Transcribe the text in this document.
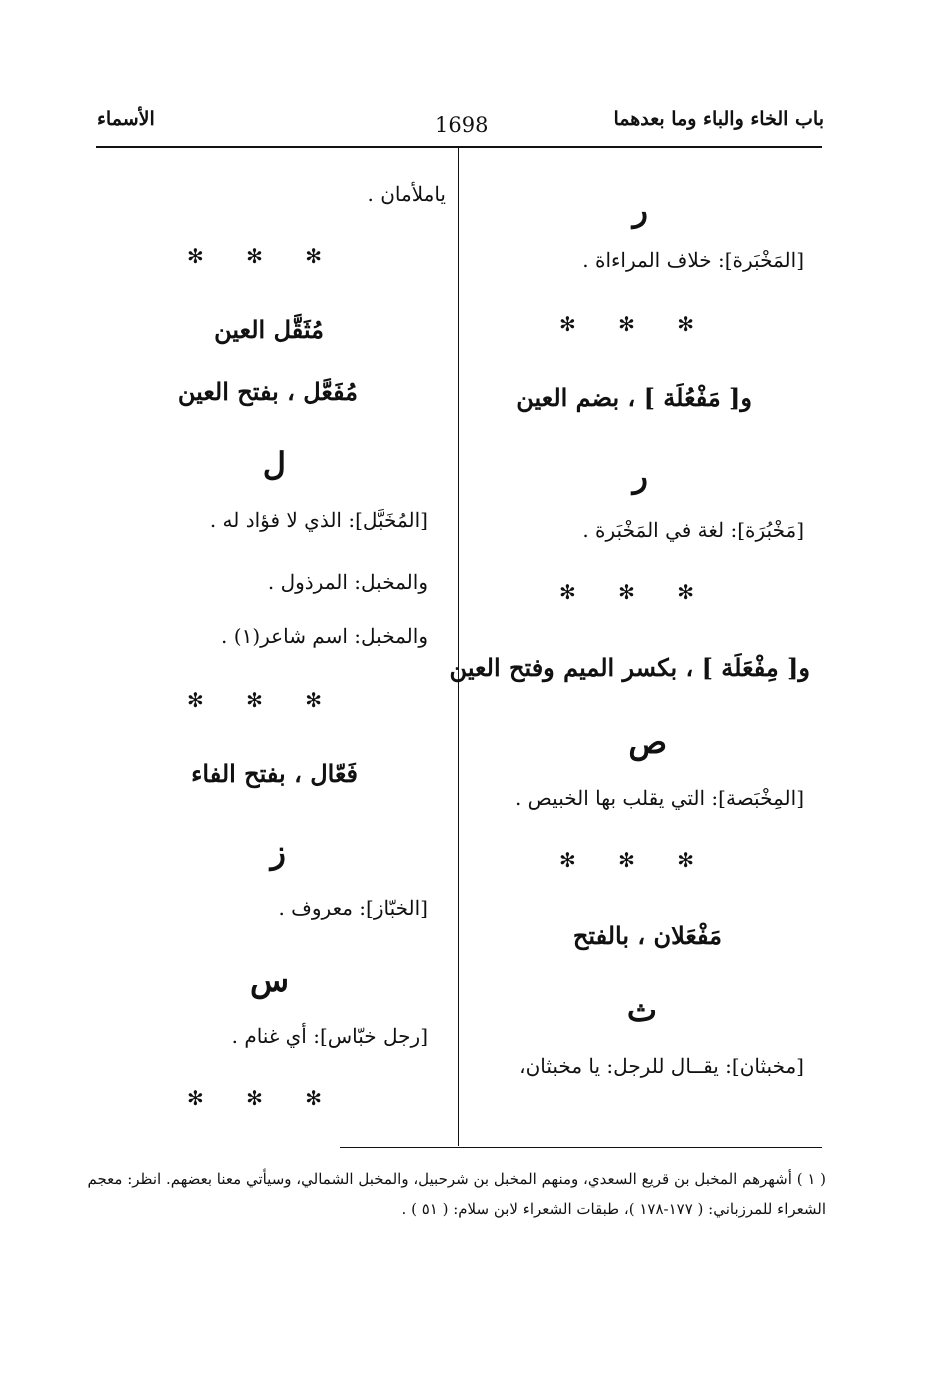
باب الخاء والباء وما بعدهما
1698
الأسماء
ر
[المَخْبَرة]: خلاف المراءاة .
✻ ✻ ✻
و[ مَفْعُلَة ] ، بضم العين
ر
[مَخْبُرَة]: لغة في المَخْبَرة .
✻ ✻ ✻
و[ مِفْعَلَة ] ، بكسر الميم وفتح العين
ص
[المِخْبَصة]: التي يقلب بها الخبيص .
✻ ✻ ✻
مَفْعَلان ، بالفتح
ث
[مخبثان]: يقــال للرجل: يا مخبثان،
ياملأمان .
✻ ✻ ✻
مُثَقَّل العين
مُفَعَّل ، بفتح العين
ل
[المُخَبَّل]: الذي لا فؤاد له .
والمخبل: المرذول .
والمخبل: اسم شاعر(١) .
✻ ✻ ✻
فَعّال ، بفتح الفاء
ز
[الخبّاز]: معروف .
س
[رجل خبّاس]: أي غنام .
✻ ✻ ✻
( ١ ) أشهرهم المخبل بن قريع السعدي، ومنهم المخبل بن شرحبيل، والمخبل الشمالي، وسيأتي معنا بعضهم. انظر: معجم
الشعراء للمرزباني: ( ١٧٧-١٧٨ )، طبقات الشعراء لابن سلام: ( ٥١ ) .
